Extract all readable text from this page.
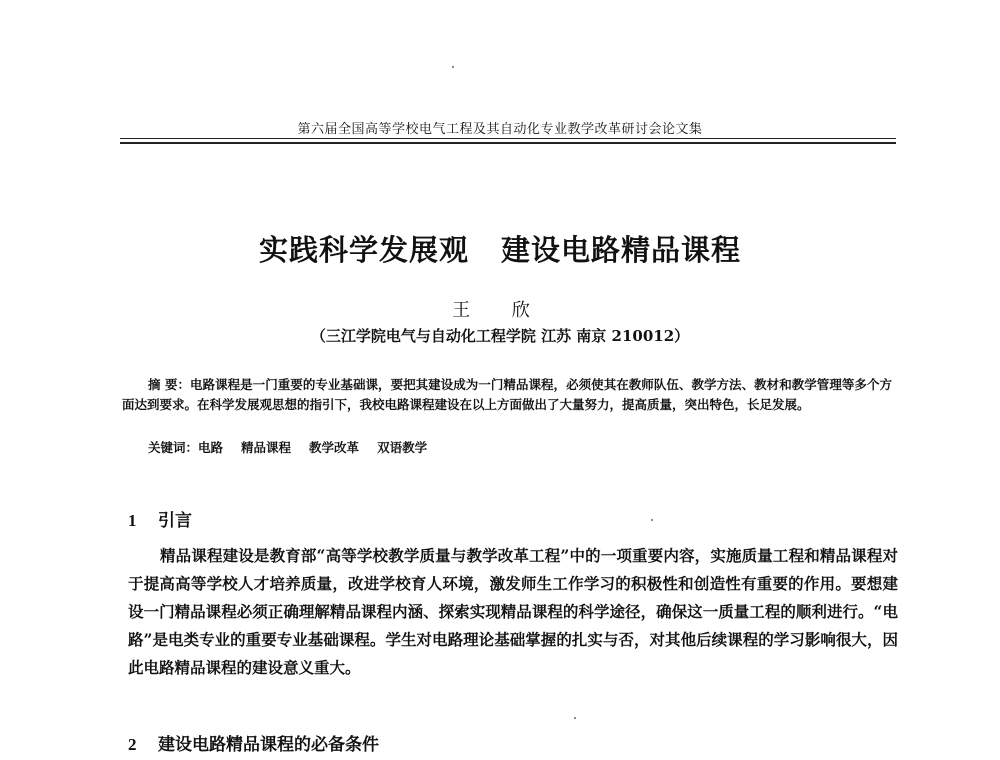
第六届全国高等学校电气工程及其自动化专业教学改革研讨会论文集
实践科学发展观 建设电路精品课程
王 欣
（三江学院电气与自动化工程学院 江苏 南京 210012）
摘 要：电路课程是一门重要的专业基础课，要把其建设成为一门精品课程，必须使其在教师队伍、教学方法、教材和教学管理等多个方面达到要求。在科学发展观思想的指引下，我校电路课程建设在以上方面做出了大量努力，提高质量，突出特色，长足发展。
关键词：电路 精品课程 教学改革 双语教学
1 引言
精品课程建设是教育部“高等学校教学质量与教学改革工程”中的一项重要内容，实施质量工程和精品课程对于提高高等学校人才培养质量，改进学校育人环境，激发师生工作学习的积极性和创造性有重要的作用。要想建设一门精品课程必须正确理解精品课程内涵、探索实现精品课程的科学途径，确保这一质量工程的顺利进行。“电路”是电类专业的重要专业基础课程。学生对电路理论基础掌握的扎实与否，对其他后续课程的学习影响很大，因此电路精品课程的建设意义重大。
2 建设电路精品课程的必备条件
